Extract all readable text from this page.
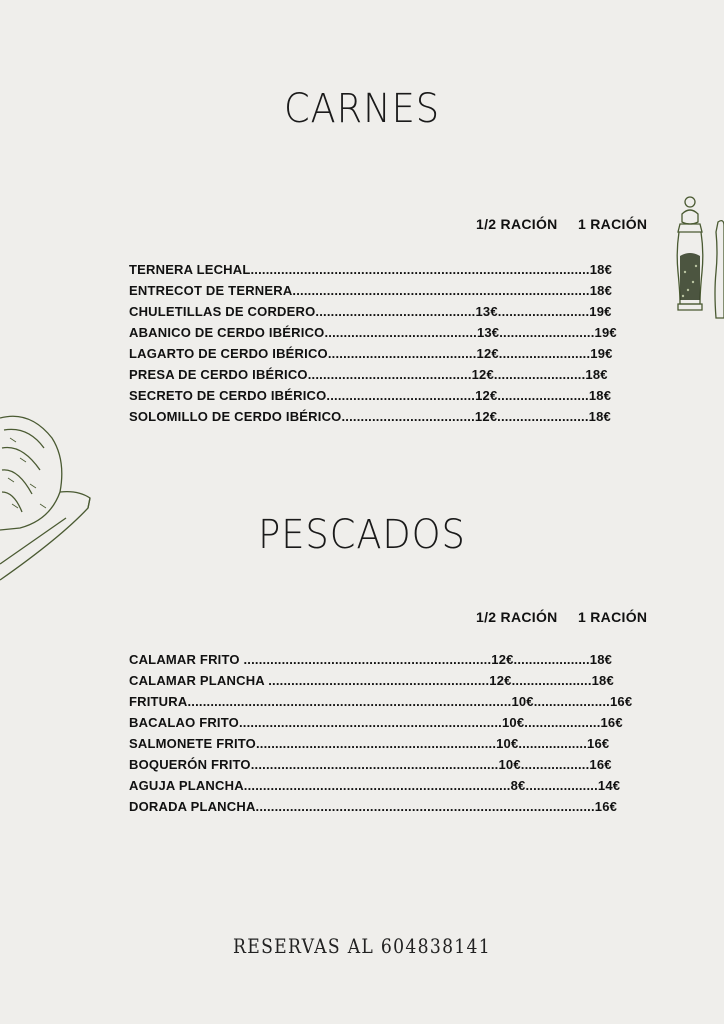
CARNES
1/2 RACIÓN 1 RACIÓN
TERNERA LECHAL.........................................................................................18€
ENTRECOT DE TERNERA..............................................................................18€
CHULETILLAS DE CORDERO..........................................13€........................19€
ABANICO DE CERDO IBÉRICO........................................13€.........................19€
LAGARTO DE CERDO IBÉRICO.......................................12€........................19€
PRESA DE CERDO IBÉRICO...........................................12€........................18€
SECRETO DE CERDO IBÉRICO.......................................12€........................18€
SOLOMILLO DE CERDO IBÉRICO...................................12€........................18€
PESCADOS
1/2 RACIÓN 1 RACIÓN
CALAMAR FRITO .................................................................12€....................18€
CALAMAR PLANCHA ..........................................................12€.....................18€
FRITURA.....................................................................................10€....................16€
BACALAO FRITO.....................................................................10€....................16€
SALMONETE FRITO...............................................................10€..................16€
BOQUERÓN FRITO.................................................................10€..................16€
AGUJA PLANCHA......................................................................8€...................14€
DORADA PLANCHA.........................................................................................16€
RESERVAS AL 604838141
